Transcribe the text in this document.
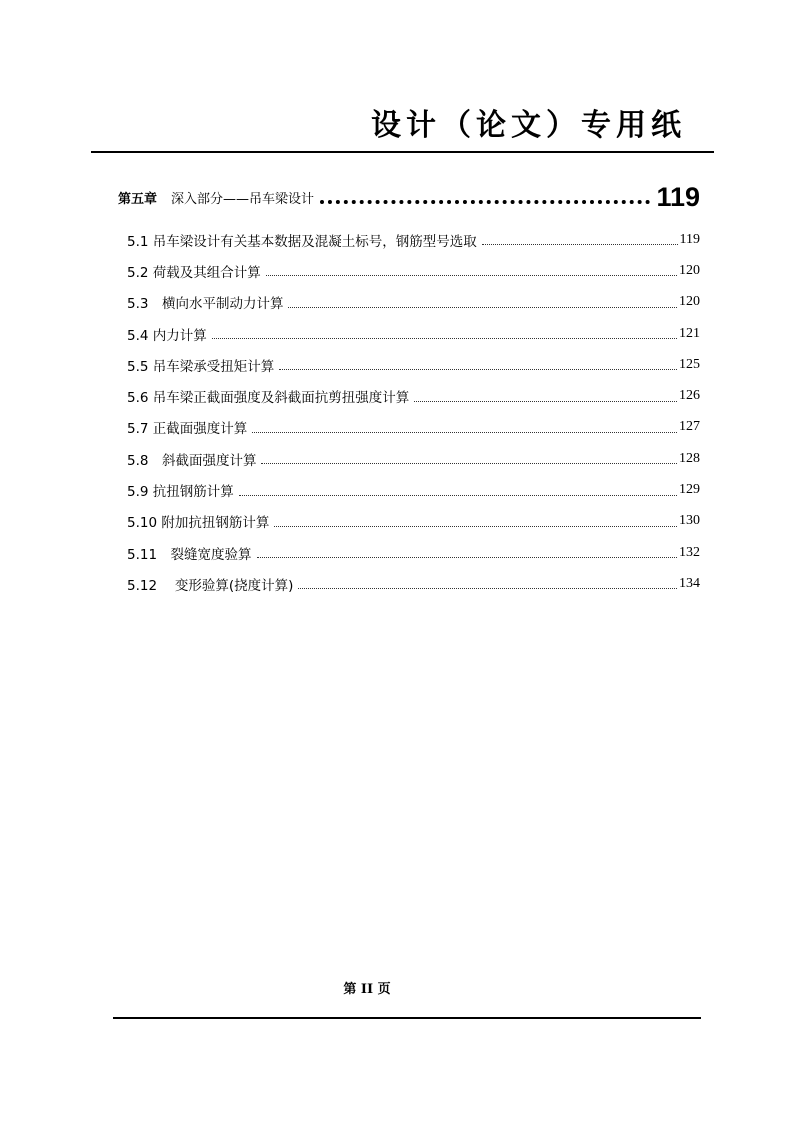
设计（论文）专用纸
第五章 深入部分——吊车梁设计	119
5.1 吊车梁设计有关基本数据及混凝土标号，钢筋型号选取	119
5.2 荷载及其组合计算	120
5.3　横向水平制动力计算	120
5.4 内力计算	121
5.5 吊车梁承受扭矩计算	125
5.6 吊车梁正截面强度及斜截面抗剪扭强度计算	126
5.7 正截面强度计算	127
5.8　斜截面强度计算	128
5.9 抗扭钢筋计算	129
5.10 附加抗扭钢筋计算	130
5.11　裂缝宽度验算	132
5.12　 变形验算(挠度计算)	134
第 II 页
